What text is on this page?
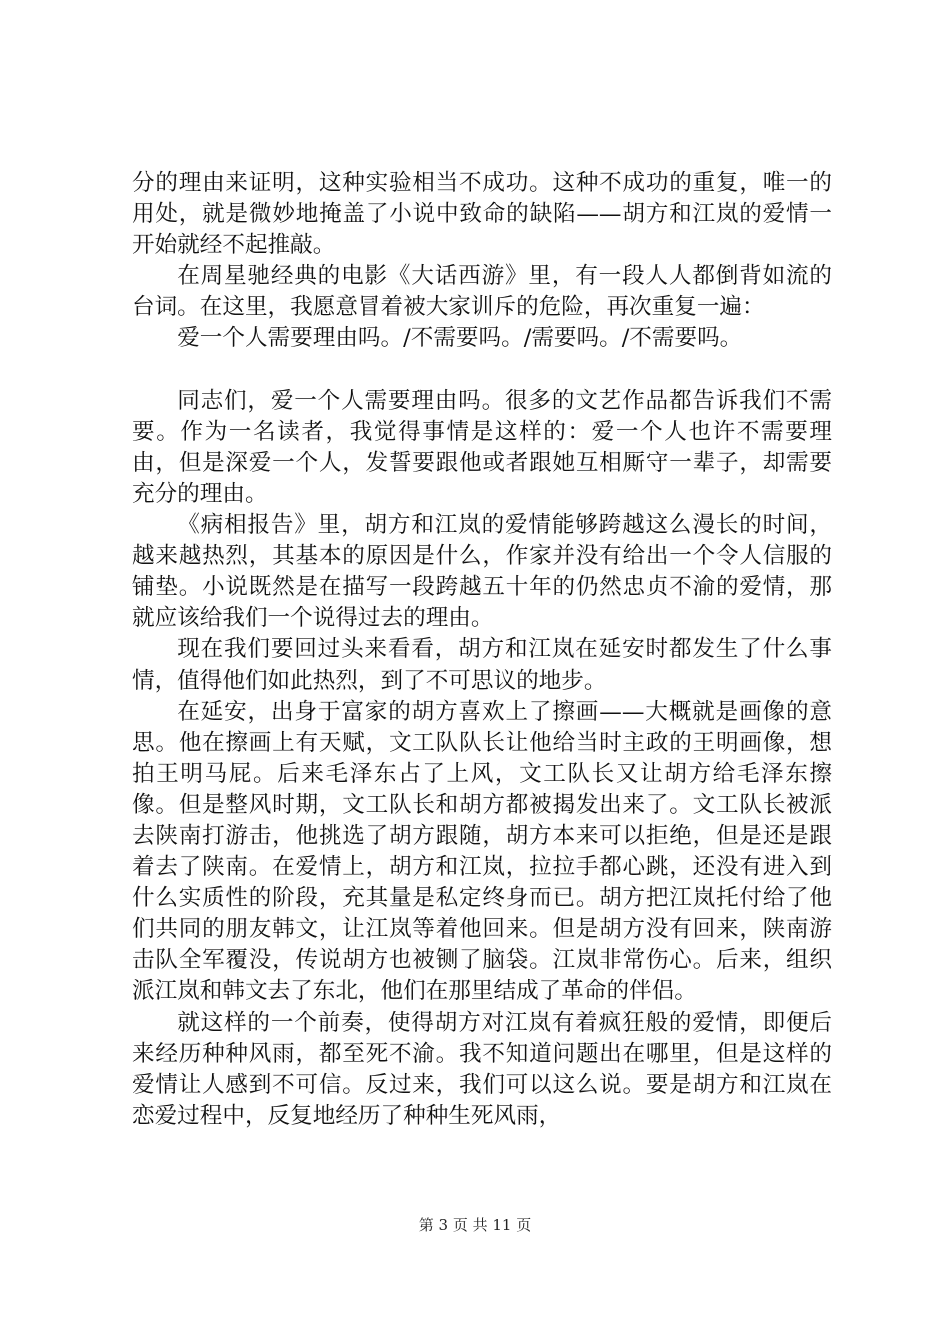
分的理由来证明，这种实验相当不成功。这种不成功的重复，唯一的用处，就是微妙地掩盖了小说中致命的缺陷——胡方和江岚的爱情一开始就经不起推敲。

在周星驰经典的电影《大话西游》里，有一段人人都倒背如流的台词。在这里，我愿意冒着被大家训斥的危险，再次重复一遍：

爱一个人需要理由吗。/不需要吗。/需要吗。/不需要吗。

同志们，爱一个人需要理由吗。很多的文艺作品都告诉我们不需要。作为一名读者，我觉得事情是这样的：爱一个人也许不需要理由，但是深爱一个人，发誓要跟他或者跟她互相厮守一辈子，却需要充分的理由。

《病相报告》里，胡方和江岚的爱情能够跨越这么漫长的时间，越来越热烈，其基本的原因是什么，作家并没有给出一个令人信服的铺垫。小说既然是在描写一段跨越五十年的仍然忠贞不渝的爱情，那就应该给我们一个说得过去的理由。

现在我们要回过头来看看，胡方和江岚在延安时都发生了什么事情，值得他们如此热烈，到了不可思议的地步。

在延安，出身于富家的胡方喜欢上了擦画——大概就是画像的意思。他在擦画上有天赋，文工队队长让他给当时主政的王明画像，想拍王明马屁。后来毛泽东占了上风，文工队长又让胡方给毛泽东擦像。但是整风时期，文工队长和胡方都被揭发出来了。文工队长被派去陕南打游击，他挑选了胡方跟随，胡方本来可以拒绝，但是还是跟着去了陕南。在爱情上，胡方和江岚，拉拉手都心跳，还没有进入到什么实质性的阶段，充其量是私定终身而已。胡方把江岚托付给了他们共同的朋友韩文，让江岚等着他回来。但是胡方没有回来，陕南游击队全军覆没，传说胡方也被铡了脑袋。江岚非常伤心。后来，组织派江岚和韩文去了东北，他们在那里结成了革命的伴侣。

就这样的一个前奏，使得胡方对江岚有着疯狂般的爱情，即便后来经历种种风雨，都至死不渝。我不知道问题出在哪里，但是这样的爱情让人感到不可信。反过来，我们可以这么说。要是胡方和江岚在恋爱过程中，反复地经历了种种生死风雨，

第 3 页 共 11 页
